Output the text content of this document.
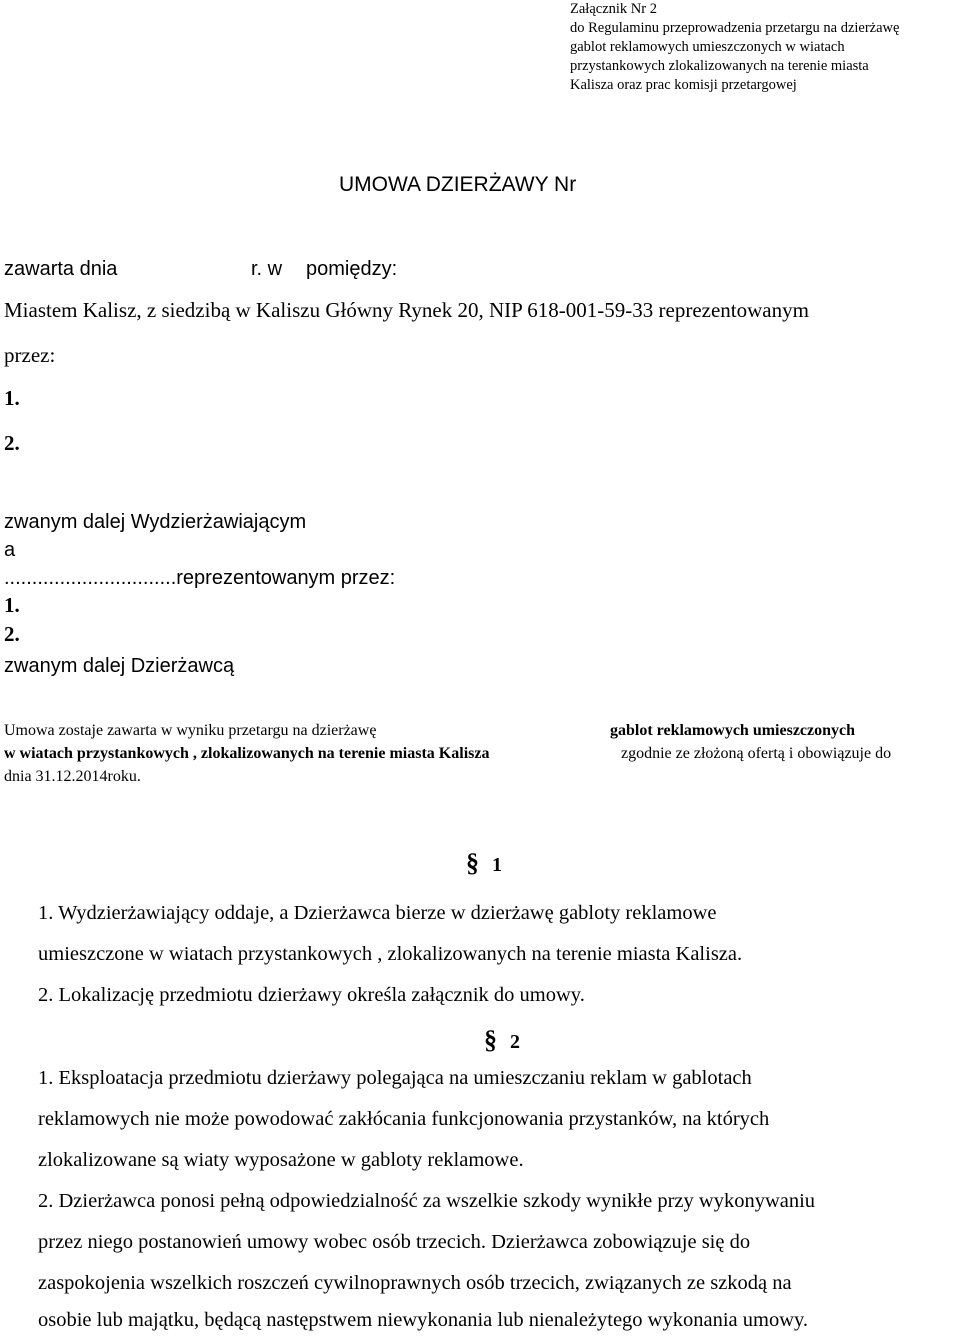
Załącznik Nr 2
do Regulaminu przeprowadzenia przetargu na dzierżawę
gablot reklamowych umieszczonych w wiatach
przystankowych zlokalizowanych na terenie miasta
Kalisza oraz prac komisji przetargowej
UMOWA DZIERŻAWY Nr
zawarta dnia	r. w pomiędzy:
Miastem Kalisz, z siedzibą w Kaliszu Główny Rynek 20, NIP 618-001-59-33 reprezentowanym
przez:
1.
2.
zwanym dalej Wydzierżawiającym
a
...............................reprezentowanym przez:
1.
2.
zwanym dalej Dzierżawcą
Umowa zostaje zawarta w wyniku przetargu na dzierżawę	gablot reklamowych umieszczonych
w wiatach przystankowych , zlokalizowanych na terenie miasta Kalisza	zgodnie ze złożoną ofertą i obowiązuje do
dnia 31.12.2014roku.
§ 1
1. Wydzierżawiający oddaje, a Dzierżawca bierze w dzierżawę gabloty reklamowe
umieszczone w wiatach przystankowych , zlokalizowanych na terenie miasta Kalisza.
2. Lokalizację przedmiotu dzierżawy określa załącznik do umowy.
§ 2
1. Eksploatacja przedmiotu dzierżawy polegająca na umieszczaniu reklam w gablotach
reklamowych nie może powodować zakłócania funkcjonowania przystanków, na których
zlokalizowane są wiaty wyposażone w gabloty reklamowe.
2. Dzierżawca ponosi pełną odpowiedzialność za wszelkie szkody wynikłe przy wykonywaniu
przez niego postanowień umowy wobec osób trzecich. Dzierżawca zobowiązuje się do
zaspokojenia wszelkich roszczeń cywilnoprawnych osób trzecich, związanych ze szkodą na
osobie lub majątku, będącą następstwem niewykonania lub nienależytego wykonania umowy.
